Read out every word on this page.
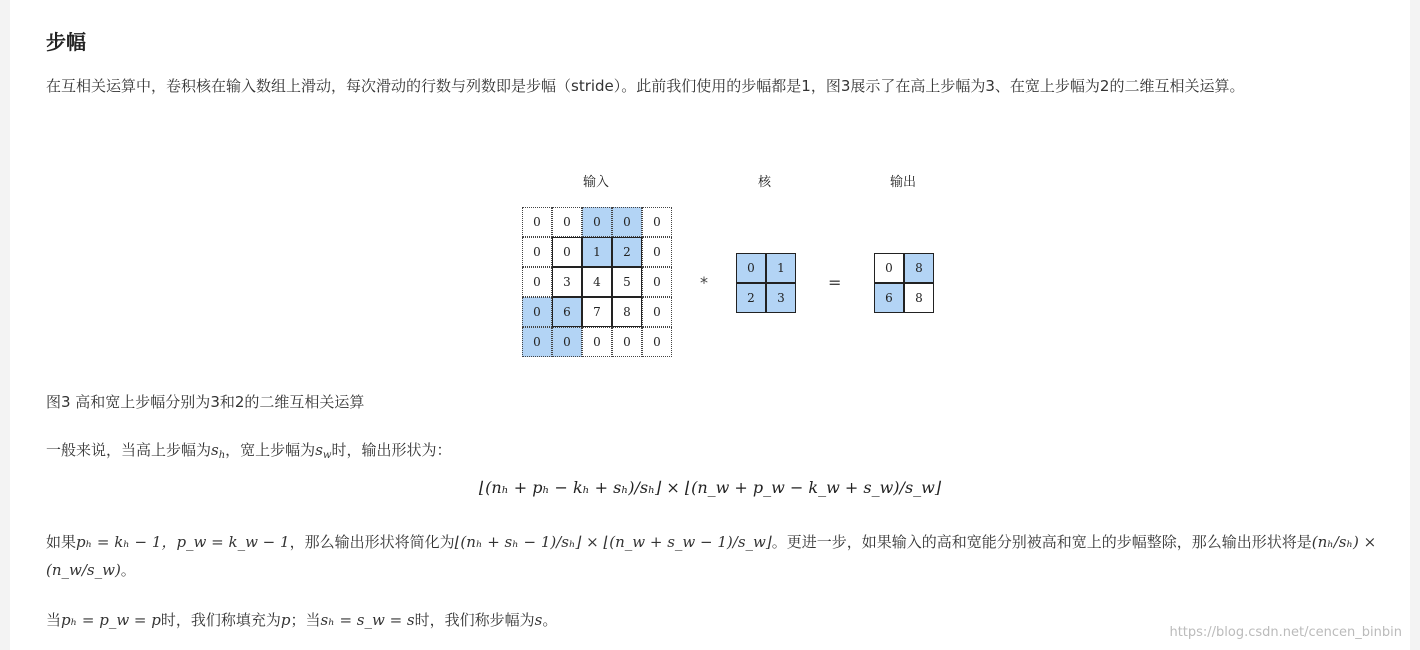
步幅

在互相关运算中，卷积核在输入数组上滑动，每次滑动的行数与列数即是步幅（stride）。此前我们使用的步幅都是1，图3展示了在高上步幅为3、在宽上步幅为2的二维互相关运算。

输入	核	输出
0	0	0	0	0
0	0	1	2	0
0	3	4	5	0
0	6	7	8	0
0	0	0	0	0
*
0	1
2	3
=
0	8
6	8

图3 高和宽上步幅分别为3和2的二维互相关运算

一般来说，当高上步幅为$s_h$，宽上步幅为$s_w$时，输出形状为：

⌊(nₕ + pₕ − kₕ + sₕ)/sₕ⌋ × ⌊(n_w + p_w − k_w + s_w)/s_w⌋

如果pₕ = kₕ − 1，p_w = k_w − 1，那么输出形状将简化为⌊(nₕ + sₕ − 1)/sₕ⌋ × ⌊(n_w + s_w − 1)/s_w⌋。更进一步，如果输入的高和宽能分别被高和宽上的步幅整除，那么输出形状将是(nₕ/sₕ) × (n_w/s_w)。

当pₕ = p_w = p时，我们称填充为p；当sₕ = s_w = s时，我们称步幅为s。

https://blog.csdn.net/cencen_binbin
